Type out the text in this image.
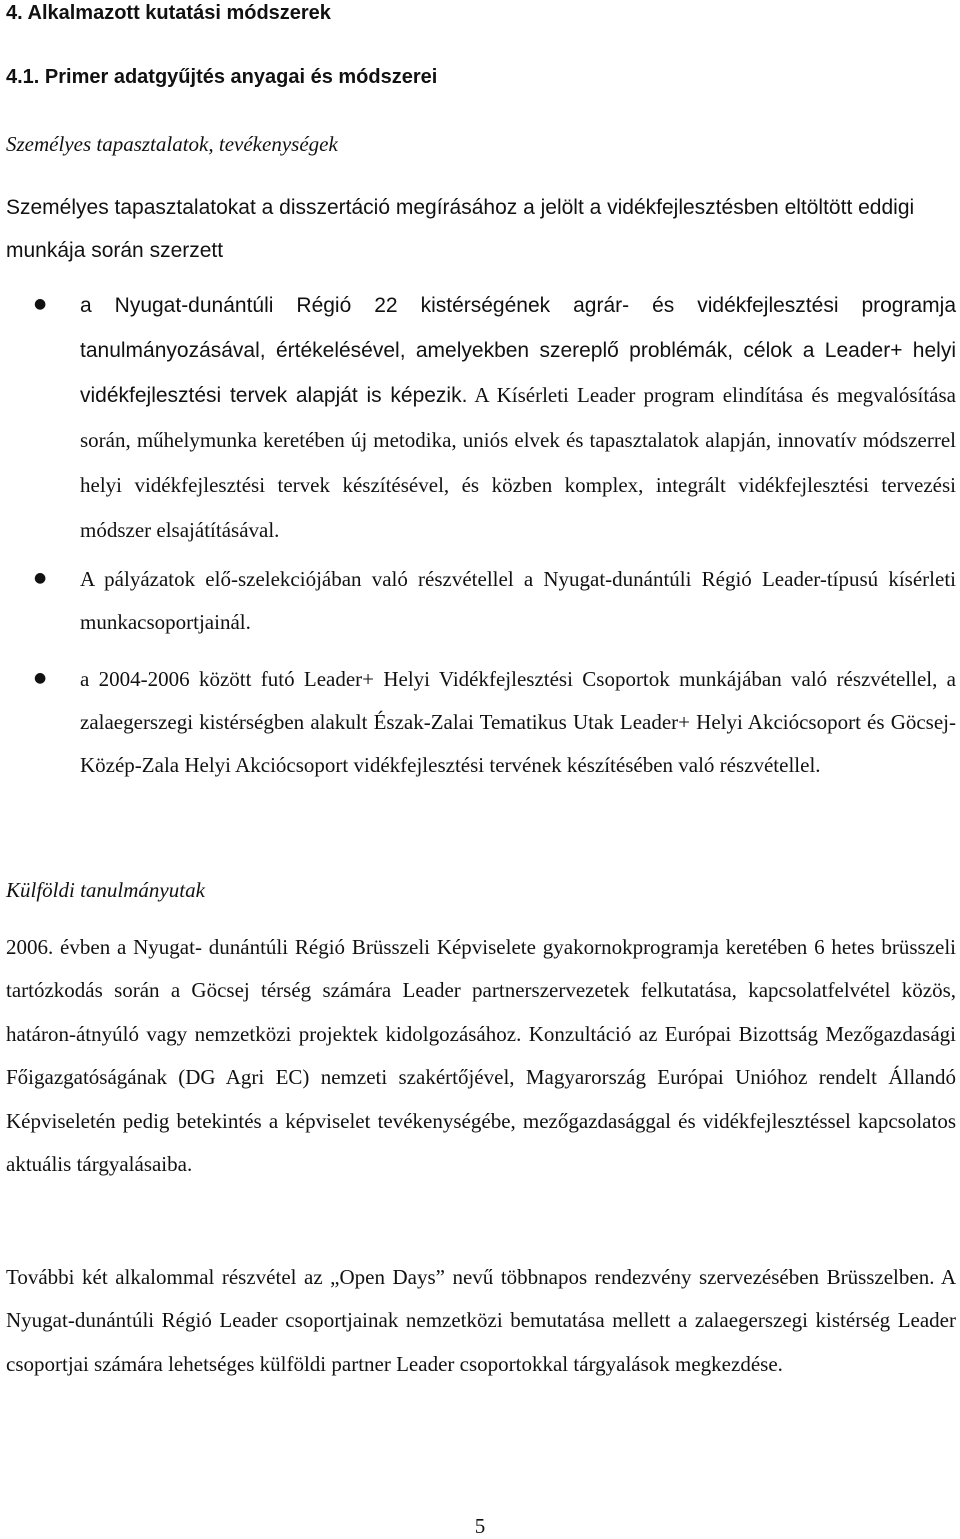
4. Alkalmazott kutatási módszerek
4.1. Primer adatgyűjtés anyagai és módszerei
Személyes tapasztalatok, tevékenységek
Személyes tapasztalatokat a disszertáció megírásához a jelölt a vidékfejlesztésben eltöltött eddigi munkája során szerzett
● a Nyugat-dunántúli Régió 22 kistérségének agrár- és vidékfejlesztési programja tanulmányozásával, értékelésével, amelyekben szereplő problémák, célok a Leader+ helyi vidékfejlesztési tervek alapját is képezik. A Kísérleti Leader program elindítása és megvalósítása során, műhelymunka keretében új metodika, uniós elvek és tapasztalatok alapján, innovatív módszerrel helyi vidékfejlesztési tervek készítésével, és közben komplex, integrált vidékfejlesztési tervezési módszer elsajátításával.
● A pályázatok elő-szelekciójában való részvétellel a Nyugat-dunántúli Régió Leader-típusú kísérleti munkacsoportjainál.
● a 2004-2006 között futó Leader+ Helyi Vidékfejlesztési Csoportok munkájában való részvétellel, a zalaegerszegi kistérségben alakult Észak-Zalai Tematikus Utak Leader+ Helyi Akciócsoport és Göcsej-Közép-Zala Helyi Akciócsoport vidékfejlesztési tervének készítésében való részvétellel.
Külföldi tanulmányutak
2006. évben a Nyugat- dunántúli Régió Brüsszeli Képviselete gyakornokprogramja keretében 6 hetes brüsszeli tartózkodás során a Göcsej térség számára Leader partnerszervezetek felkutatása, kapcsolatfelvétel közös, határon-átnyúló vagy nemzetközi projektek kidolgozásához. Konzultáció az Európai Bizottság Mezőgazdasági Főigazgatóságának (DG Agri EC) nemzeti szakértőjével, Magyarország Európai Unióhoz rendelt Állandó Képviseletén pedig betekintés a képviselet tevékenységébe, mezőgazdasággal és vidékfejlesztéssel kapcsolatos aktuális tárgyalásaiba.
További két alkalommal részvétel az „Open Days” nevű többnapos rendezvény szervezésében Brüsszelben. A Nyugat-dunántúli Régió Leader csoportjainak nemzetközi bemutatása mellett a zalaegerszegi kistérség Leader csoportjai számára lehetséges külföldi partner Leader csoportokkal tárgyalások megkezdése.
5
